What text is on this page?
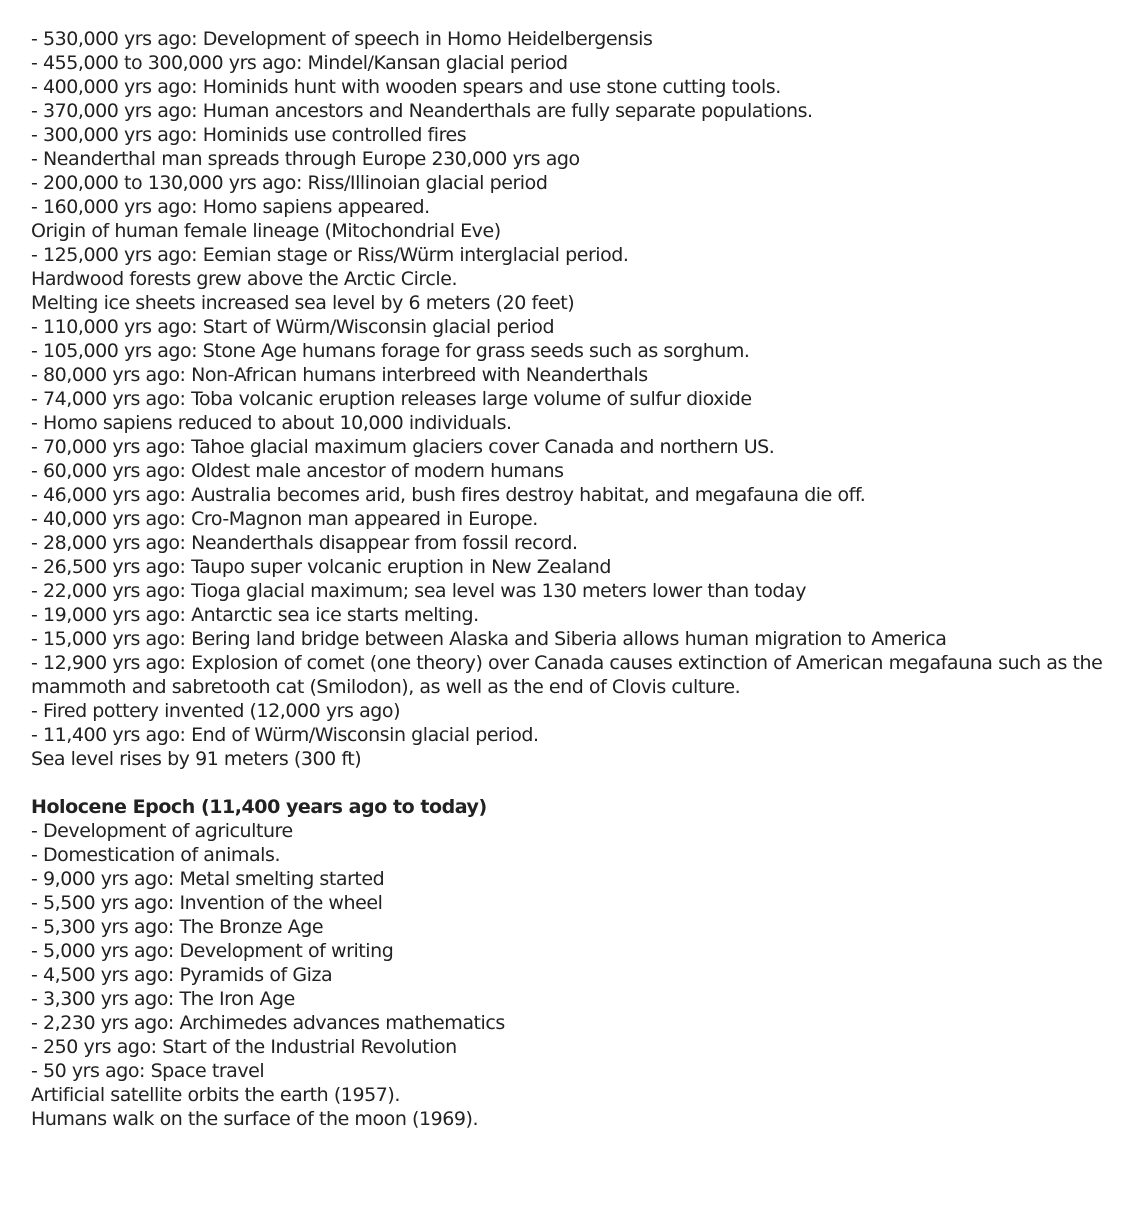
- 530,000 yrs ago: Development of speech in Homo Heidelbergensis
- 455,000 to 300,000 yrs ago: Mindel/Kansan glacial period
- 400,000 yrs ago: Hominids hunt with wooden spears and use stone cutting tools.
- 370,000 yrs ago: Human ancestors and Neanderthals are fully separate populations.
- 300,000 yrs ago: Hominids use controlled fires
- Neanderthal man spreads through Europe 230,000 yrs ago
- 200,000 to 130,000 yrs ago: Riss/Illinoian glacial period
- 160,000 yrs ago: Homo sapiens appeared.
Origin of human female lineage (Mitochondrial Eve)
- 125,000 yrs ago: Eemian stage or Riss/Würm interglacial period.
Hardwood forests grew above the Arctic Circle.
Melting ice sheets increased sea level by 6 meters (20 feet)
- 110,000 yrs ago: Start of Würm/Wisconsin glacial period
- 105,000 yrs ago: Stone Age humans forage for grass seeds such as sorghum.
- 80,000 yrs ago: Non-African humans interbreed with Neanderthals
- 74,000 yrs ago: Toba volcanic eruption releases large volume of sulfur dioxide
- Homo sapiens reduced to about 10,000 individuals.
- 70,000 yrs ago: Tahoe glacial maximum glaciers cover Canada and northern US.
- 60,000 yrs ago: Oldest male ancestor of modern humans
- 46,000 yrs ago: Australia becomes arid, bush fires destroy habitat, and megafauna die off.
- 40,000 yrs ago: Cro-Magnon man appeared in Europe.
- 28,000 yrs ago: Neanderthals disappear from fossil record.
- 26,500 yrs ago: Taupo super volcanic eruption in New Zealand
- 22,000 yrs ago: Tioga glacial maximum; sea level was 130 meters lower than today
- 19,000 yrs ago: Antarctic sea ice starts melting.
- 15,000 yrs ago: Bering land bridge between Alaska and Siberia allows human migration to America
- 12,900 yrs ago: Explosion of comet (one theory) over Canada causes extinction of American megafauna such as the
mammoth and sabretooth cat (Smilodon), as well as the end of Clovis culture.
- Fired pottery invented (12,000 yrs ago)
- 11,400 yrs ago: End of Würm/Wisconsin glacial period.
Sea level rises by 91 meters (300 ft)
Holocene Epoch (11,400 years ago to today)
- Development of agriculture
- Domestication of animals.
- 9,000 yrs ago: Metal smelting started
- 5,500 yrs ago: Invention of the wheel
- 5,300 yrs ago: The Bronze Age
- 5,000 yrs ago: Development of writing
- 4,500 yrs ago: Pyramids of Giza
- 3,300 yrs ago: The Iron Age
- 2,230 yrs ago: Archimedes advances mathematics
- 250 yrs ago: Start of the Industrial Revolution
- 50 yrs ago: Space travel
Artificial satellite orbits the earth (1957).
Humans walk on the surface of the moon (1969).
